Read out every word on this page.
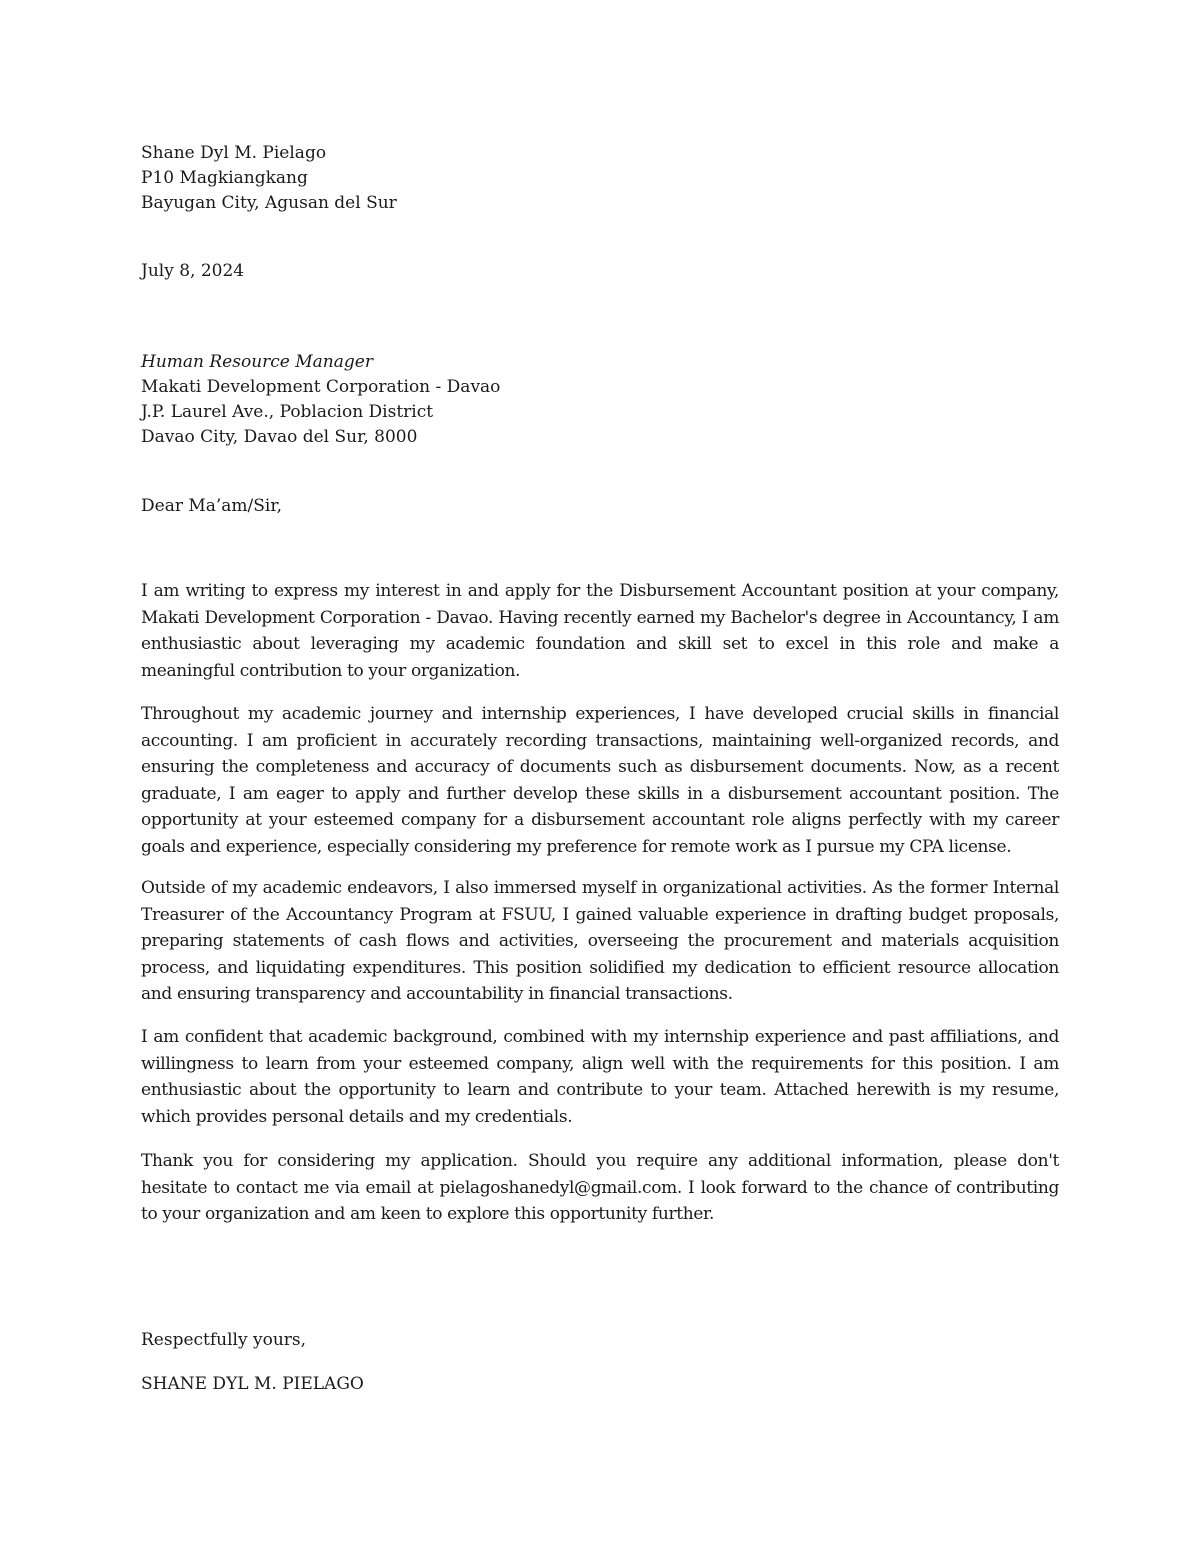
Shane Dyl M. Pielago
P10 Magkiangkang
Bayugan City, Agusan del Sur
July 8, 2024
Human Resource Manager
Makati Development Corporation - Davao
J.P. Laurel Ave., Poblacion District
Davao City, Davao del Sur, 8000
Dear Ma’am/Sir,

I am writing to express my interest in and apply for the Disbursement Accountant position at your company, Makati Development Corporation - Davao. Having recently earned my Bachelor's degree in Accountancy, I am enthusiastic about leveraging my academic foundation and skill set to excel in this role and make a meaningful contribution to your organization.

Throughout my academic journey and internship experiences, I have developed crucial skills in financial accounting. I am proficient in accurately recording transactions, maintaining well-organized records, and ensuring the completeness and accuracy of documents such as disbursement documents. Now, as a recent graduate, I am eager to apply and further develop these skills in a disbursement accountant position. The opportunity at your esteemed company for a disbursement accountant role aligns perfectly with my career goals and experience, especially considering my preference for remote work as I pursue my CPA license.

Outside of my academic endeavors, I also immersed myself in organizational activities. As the former Internal Treasurer of the Accountancy Program at FSUU, I gained valuable experience in drafting budget proposals, preparing statements of cash flows and activities, overseeing the procurement and materials acquisition process, and liquidating expenditures. This position solidified my dedication to efficient resource allocation and ensuring transparency and accountability in financial transactions.

I am confident that academic background, combined with my internship experience and past affiliations, and willingness to learn from your esteemed company, align well with the requirements for this position. I am enthusiastic about the opportunity to learn and contribute to your team. Attached herewith is my resume, which provides personal details and my credentials.

Thank you for considering my application. Should you require any additional information, please don't hesitate to contact me via email at pielagoshanedyl@gmail.com. I look forward to the chance of contributing to your organization and am keen to explore this opportunity further.

Respectfully yours,
SHANE DYL M. PIELAGO
